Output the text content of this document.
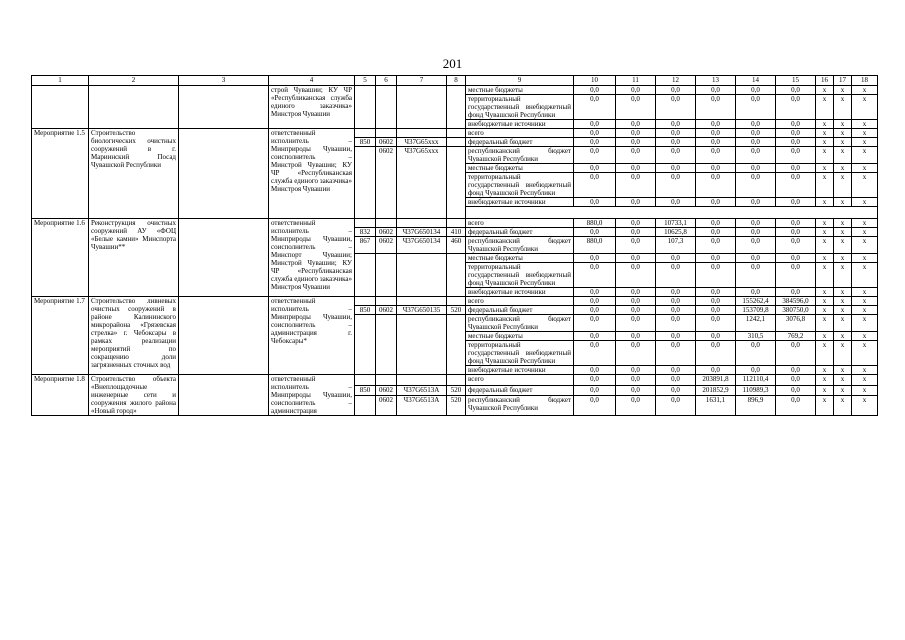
201
1	2	3	4	5	6	7	8	9	10	11	12	13	14	15	16	17	18
			строй Чувашии; КУ ЧР «Республиканская служба единого заказчика» Минстроя Чувашии					местные бюджеты	0,0	0,0	0,0	0,0	0,0	0,0	x	x	x
								территориальный государственный внебюджетный фонд Чувашской Республики	0,0	0,0	0,0	0,0	0,0	0,0	x	x	x
								внебюджетные источники	0,0	0,0	0,0	0,0	0,0	0,0	x	x	x
Мероприятие 1.5	Строительство биологических очистных сооружений в г. Мариинский Посад Чувашской Республики		ответственный исполнитель – Минприроды Чувашии, соисполнитель – Минстрой Чувашии; КУ ЧР «Республиканская служба единого заказчика» Минстроя Чувашии					всего	0,0	0,0	0,0	0,0	0,0	0,0	x	x	x
				850	0602	Ч37G65xxx		федеральный бюджет	0,0	0,0	0,0	0,0	0,0	0,0	x	x	x
					0602	Ч37G65xxx		республиканский бюджет Чувашской Республики	0,0	0,0	0,0	0,0	0,0	0,0	x	x	x
								местные бюджеты	0,0	0,0	0,0	0,0	0,0	0,0	x	x	x
								территориальный государственный внебюджетный фонд Чувашской Республики	0,0	0,0	0,0	0,0	0,0	0,0	x	x	x
								внебюджетные источники	0,0	0,0	0,0	0,0	0,0	0,0	x	x	x

Мероприятие 1.6	Реконструкция очистных сооружений АУ «ФОЦ «Белые камни» Минспорта Чувашии**		ответственный исполнитель – Минприроды Чувашии, соисполнитель – Минспорт Чувашии; Минстрой Чувашии; КУ ЧР «Республиканская служба единого заказчика» Минстроя Чувашии					всего	880,0	0,0	10733,1	0,0	0,0	0,0	x	x	x
				832	0602	Ч37G650134	410	федеральный бюджет	0,0	0,0	10625,8	0,0	0,0	0,0	x	x	x
				867	0602	Ч37G650134	460	республиканский бюджет Чувашской Республики	880,0	0,0	107,3	0,0	0,0	0,0	x	x	x
								местные бюджеты	0,0	0,0	0,0	0,0	0,0	0,0	x	x	x
								территориальный государственный внебюджетный фонд Чувашской Республики	0,0	0,0	0,0	0,0	0,0	0,0	x	x	x
								внебюджетные источники	0,0	0,0	0,0	0,0	0,0	0,0	x	x	x
Мероприятие 1.7	Строительство ливневых очистных сооружений в районе Калининского микрорайона «Грязевская стрелка» г. Чебоксары в рамках реализации мероприятий по сокращению доли загрязненных сточных вод		ответственный исполнитель – Минприроды Чувашии, соисполнитель – администрация г. Чебоксары*					всего	0,0	0,0	0,0	0,0	155262,4	384596,0	x	x	x
				850	0602	Ч37G650135	520	федеральный бюджет	0,0	0,0	0,0	0,0	153709,8	380750,0	x	x	x
								республиканский бюджет Чувашской Республики	0,0	0,0	0,0	0,0	1242,1	3076,8	x	x	x
								местные бюджеты	0,0	0,0	0,0	0,0	310,5	769,2	x	x	x
								территориальный государственный внебюджетный фонд Чувашской Республики	0,0	0,0	0,0	0,0	0,0	0,0	x	x	x
								внебюджетные источники	0,0	0,0	0,0	0,0	0,0	0,0	x	x	x
Мероприятие 1.8	Строительство объекта «Внеплощадочные инженерные сети и сооружения жилого района «Новый город»		ответственный исполнитель – Минприроды Чувашии, соисполнитель – администрация					всего	0,0	0,0	0,0	203891,8	112110,4	0,0	x	x	x
				850	0602	Ч37G6513А	520	федеральный бюджет	0,0	0,0	0,0	201852,9	110989,3	0,0	x	x	x
					0602	Ч37G6513А	520	республиканский бюджет Чувашской Республики	0,0	0,0	0,0	1631,1	896,9	0,0	x	x	x
